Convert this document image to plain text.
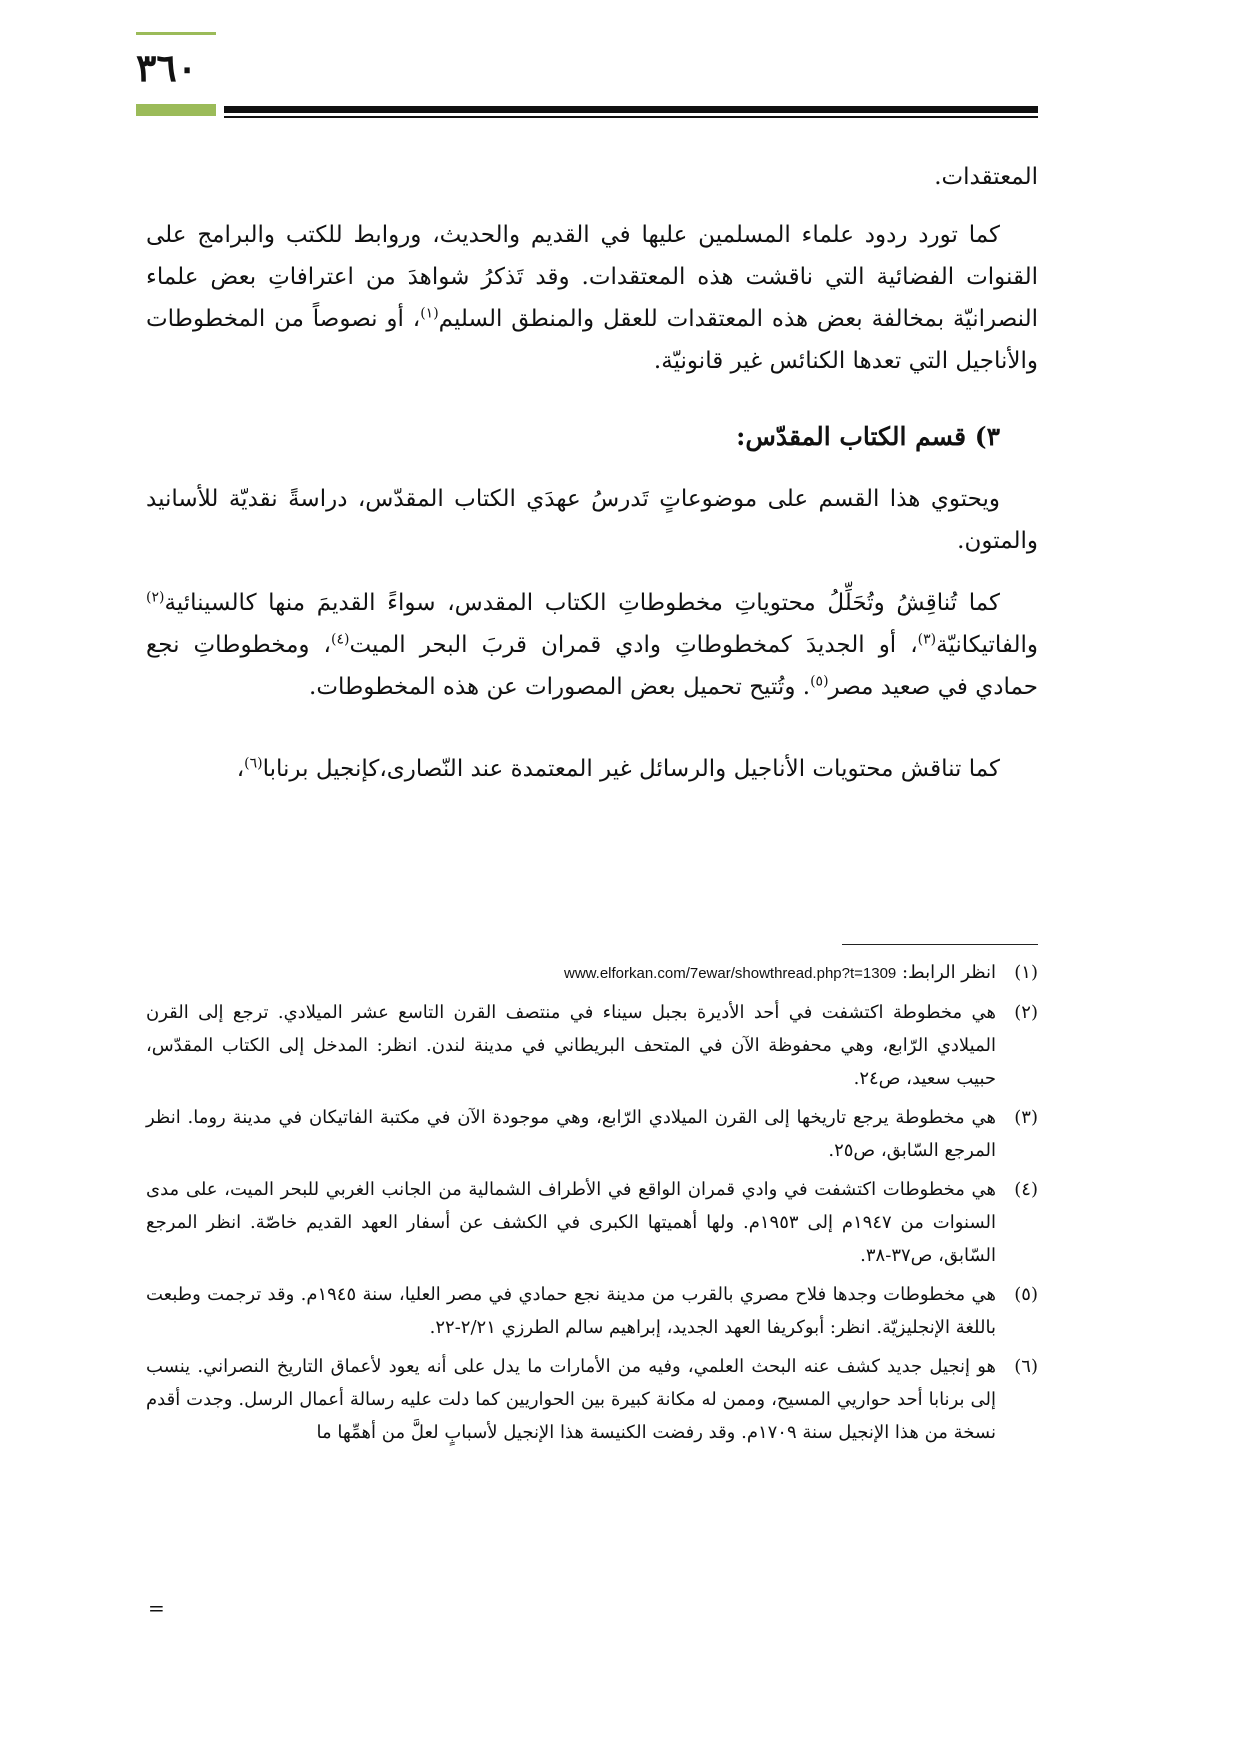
٣٦٠

المعتقدات.

كما تورد ردود علماء المسلمين عليها في القديم والحديث، وروابط للكتب والبرامج على القنوات الفضائية التي ناقشت هذه المعتقدات. وقد تَذكرُ شواهدَ من اعترافاتِ بعض علماء النصرانيّة بمخالفة بعض هذه المعتقدات للعقل والمنطق السليم$^{(١)}$، أو نصوصاً من المخطوطات والأناجيل التي تعدها الكنائس غير قانونيّة.

٣) قسم الكتاب المقدّس:

ويحتوي هذا القسم على موضوعاتٍ تَدرسُ عهدَي الكتاب المقدّس، دراسةً نقديّة للأسانيد والمتون.

كما تُناقِشُ وتُحَلِّلُ محتوياتِ مخطوطاتِ الكتاب المقدس، سواءً القديمَ منها كالسينائية$^{(٢)}$ والفاتيكانيّة$^{(٣)}$، أو الجديدَ كمخطوطاتِ وادي قمران قربَ البحر الميت$^{(٤)}$، ومخطوطاتِ نجع حمادي في صعيد مصر$^{(٥)}$. وتُتيح تحميل بعض المصورات عن هذه المخطوطات.

كما تناقش محتويات الأناجيل والرسائل غير المعتمدة عند النّصارى،كإنجيل برنابا$^{(٦)}$،

(١)
انظر الرابط: www.elforkan.com/7ewar/showthread.php?t=1309
(٢)
هي مخطوطة اكتشفت في أحد الأديرة بجبل سيناء في منتصف القرن التاسع عشر الميلادي. ترجع إلى القرن الميلادي الرّابع، وهي محفوظة الآن في المتحف البريطاني في مدينة لندن. انظر: المدخل إلى الكتاب المقدّس، حبيب سعيد، ص٢٤.
(٣)
هي مخطوطة يرجع تاريخها إلى القرن الميلادي الرّابع، وهي موجودة الآن في مكتبة الفاتيكان في مدينة روما. انظر المرجع السّابق، ص٢٥.
(٤)
هي مخطوطات اكتشفت في وادي قمران الواقع في الأطراف الشمالية من الجانب الغربي للبحر الميت، على مدى السنوات من ١٩٤٧م إلى ١٩٥٣م. ولها أهميتها الكبرى في الكشف عن أسفار العهد القديم خاصّة. انظر المرجع السّابق، ص٣٧-٣٨.
(٥)
هي مخطوطات وجدها فلاح مصري بالقرب من مدينة نجع حمادي في مصر العليا، سنة ١٩٤٥م. وقد ترجمت وطبعت باللغة الإنجليزيّة. انظر: أبوكريفا العهد الجديد، إبراهيم سالم الطرزي ٢/٢١-٢٢.
(٦)
هو إنجيل جديد كشف عنه البحث العلمي، وفيه من الأمارات ما يدل على أنه يعود لأعماق التاريخ النصراني. ينسب إلى برنابا أحد حواريي المسيح، وممن له مكانة كبيرة بين الحواريين كما دلت عليه رسالة أعمال الرسل. وجدت أقدم نسخة من هذا الإنجيل سنة ١٧٠٩م. وقد رفضت الكنيسة هذا الإنجيل لأسبابٍ لعلَّ من أهمِّها ما
=
